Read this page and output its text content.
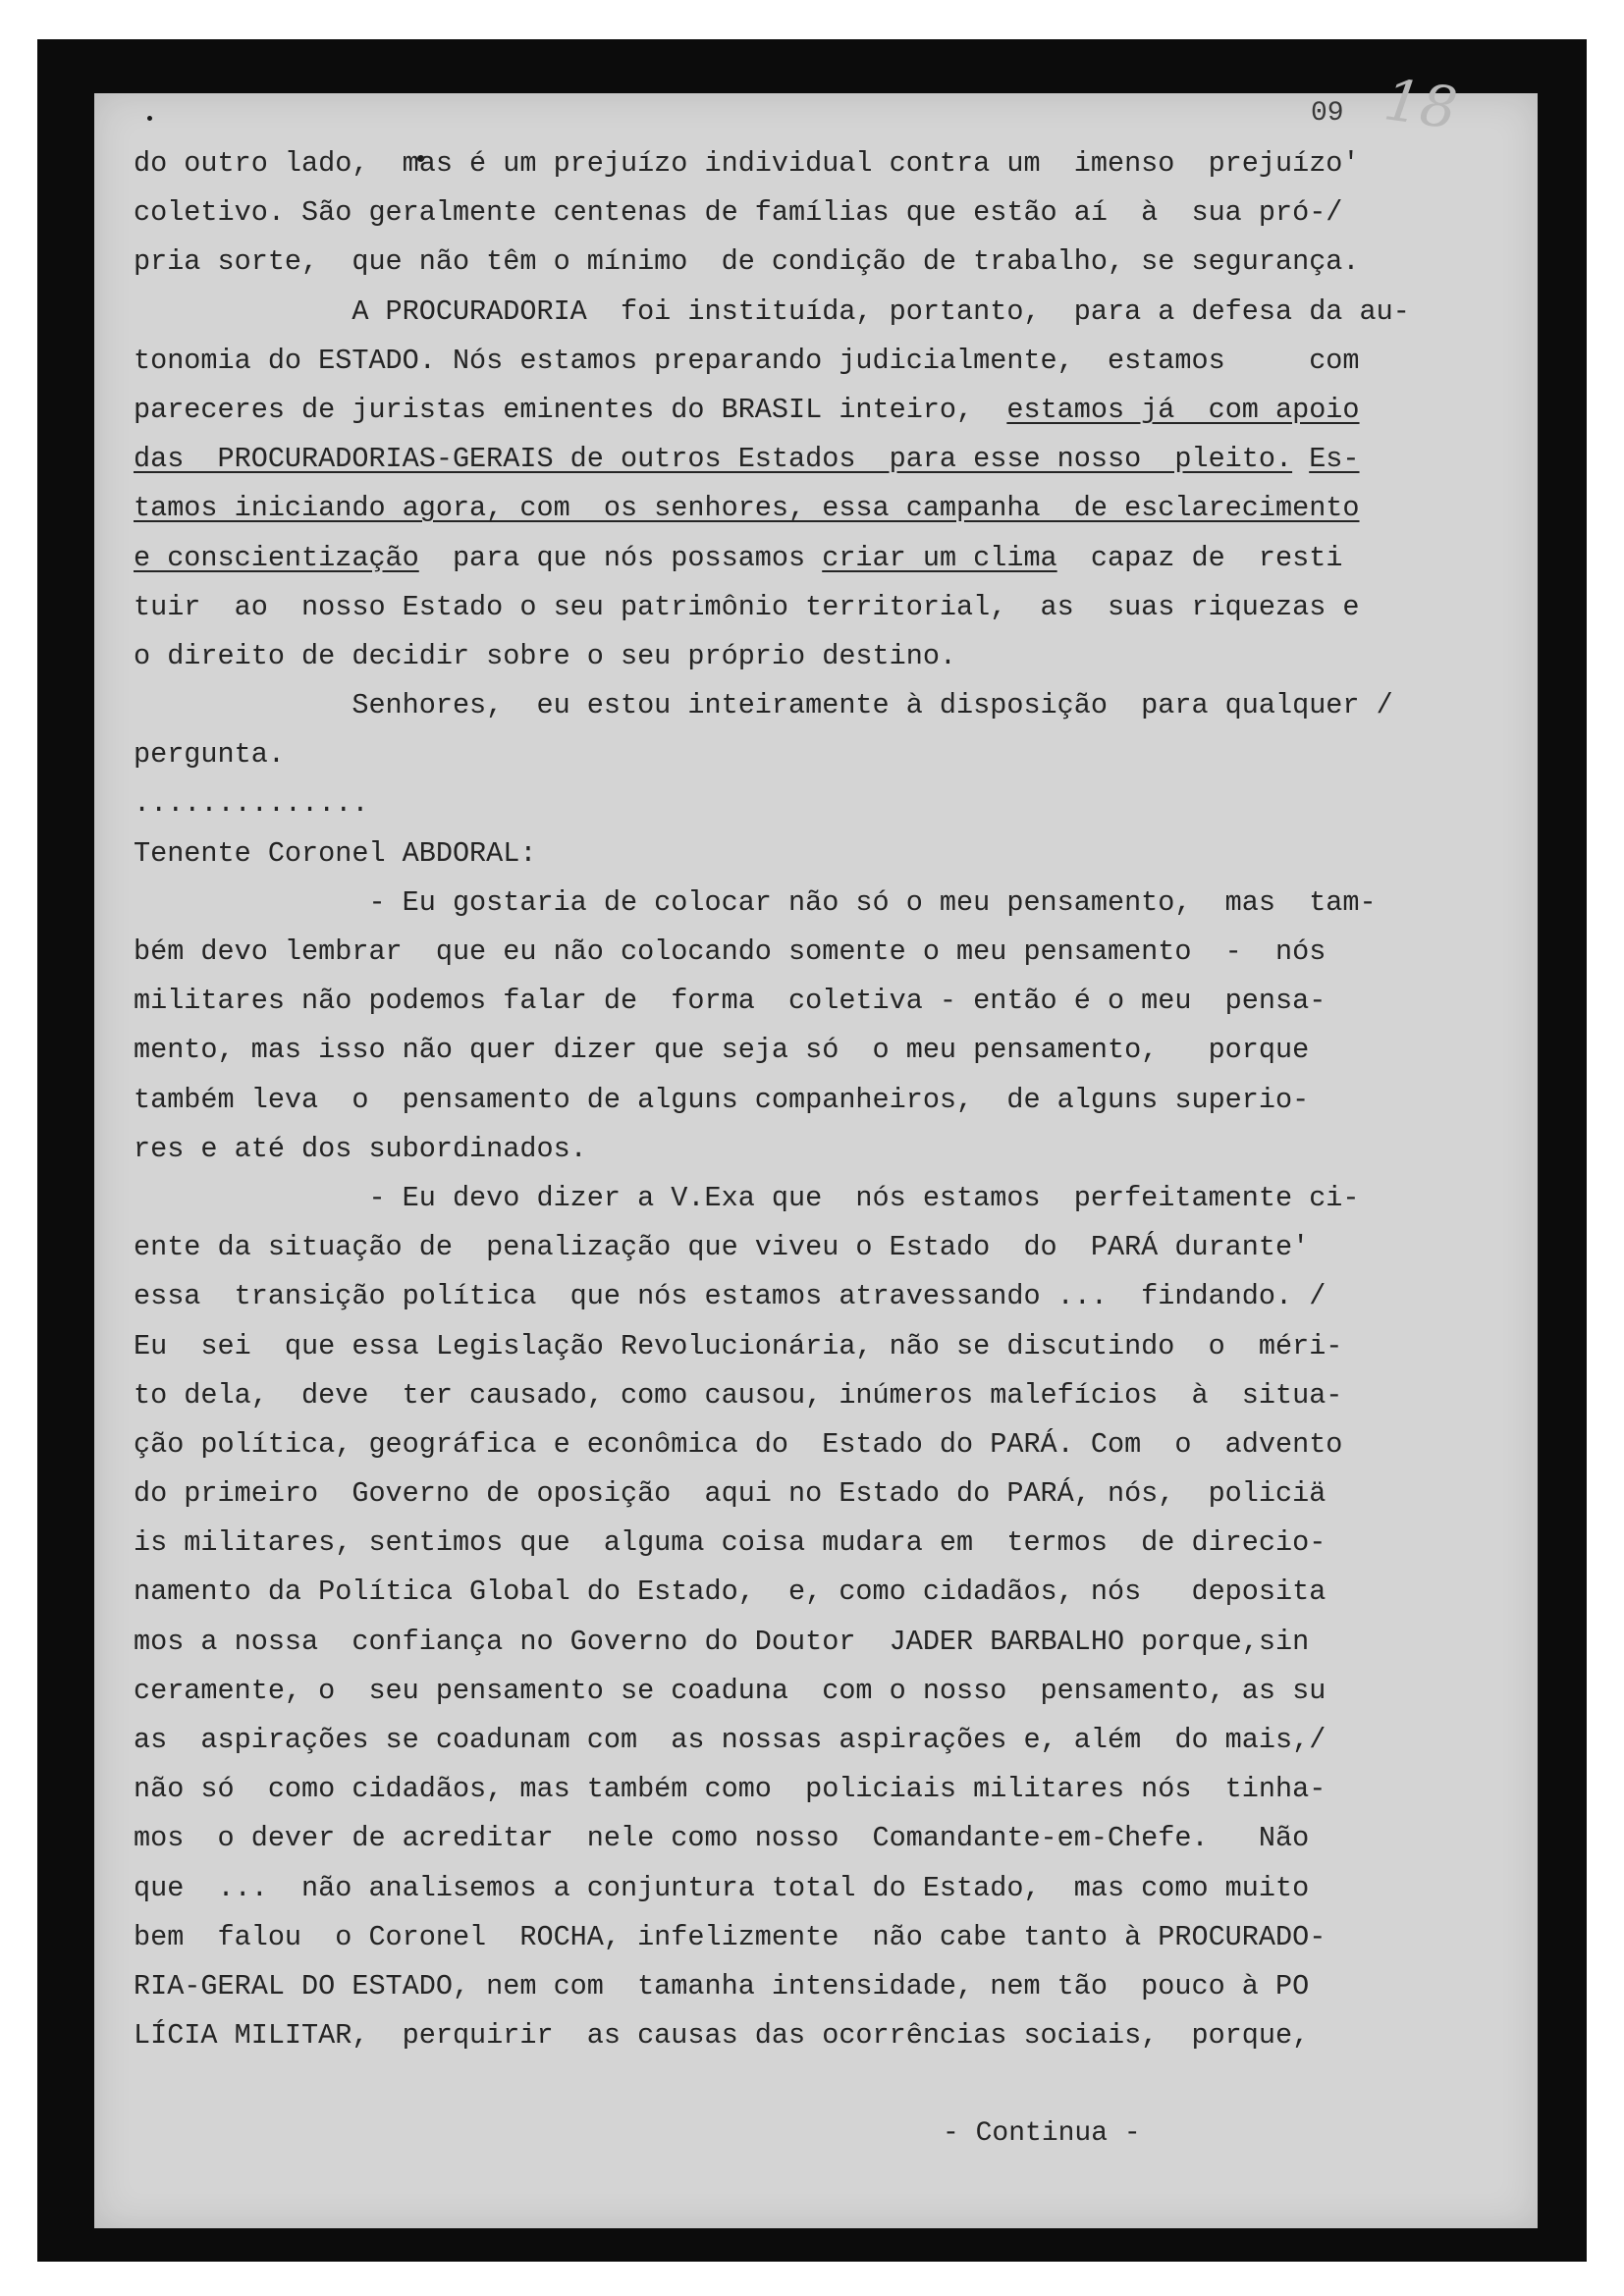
09 18
do outro lado,  mas é um prejuízo individual contra um  imenso  prejuízo'
coletivo. São geralmente centenas de famílias que estão aí  à  sua pró-/
pria sorte,  que não têm o mínimo  de condição de trabalho, se segurança.
A PROCURADORIA  foi instituída, portanto,  para a defesa da au-
tonomia do ESTADO. Nós estamos preparando judicialmente,  estamos     com
pareceres de juristas eminentes do BRASIL inteiro,  estamos já  com apoio
das  PROCURADORIAS-GERAIS de outros Estados  para esse nosso  pleito. Es-
tamos iniciando agora, com  os senhores, essa campanha  de esclarecimento
e conscientização  para que nós possamos criar um clima  capaz de  resti
tuir  ao  nosso Estado o seu patrimônio territorial,  as  suas riquezas e
o direito de decidir sobre o seu próprio destino.
Senhores,  eu estou inteiramente à disposição  para qualquer /
pergunta.
..............
Tenente Coronel ABDORAL:
- Eu gostaria de colocar não só o meu pensamento,  mas  tam-
bém devo lembrar  que eu não colocando somente o meu pensamento  -  nós
militares não podemos falar de  forma  coletiva - então é o meu  pensa-
mento, mas isso não quer dizer que seja só  o meu pensamento,   porque
também leva  o  pensamento de alguns companheiros,  de alguns superio-
res e até dos subordinados.
- Eu devo dizer a V.Exa que  nós estamos  perfeitamente ci-
ente da situação de  penalização que viveu o Estado  do  PARÁ durante'
essa  transição política  que nós estamos atravessando ...  findando. /
Eu  sei  que essa Legislação Revolucionária, não se discutindo  o  méri-
to dela,  deve  ter causado, como causou, inúmeros malefícios  à  situa-
ção política, geográfica e econômica do  Estado do PARÁ. Com  o  advento
do primeiro  Governo de oposição  aqui no Estado do PARÁ, nós,  policiä
is militares, sentimos que  alguma coisa mudara em  termos  de direcio-
namento da Política Global do Estado,  e, como cidadãos, nós   deposita
mos a nossa  confiança no Governo do Doutor  JADER BARBALHO porque,sin
ceramente, o  seu pensamento se coaduna  com o nosso  pensamento, as su
as  aspirações se coadunam com  as nossas aspirações e, além  do mais,/
não só  como cidadãos, mas também como  policiais militares nós  tinha-
mos  o dever de acreditar  nele como nosso  Comandante-em-Chefe.   Não
que  ...  não analisemos a conjuntura total do Estado,  mas como muito
bem  falou  o Coronel  ROCHA, infelizmente  não cabe tanto à PROCURADO-
RIA-GERAL DO ESTADO, nem com  tamanha intensidade, nem tão  pouco à PO
LÍCIA MILITAR,  perquirir  as causas das ocorrências sociais,  porque,
- Continua -
